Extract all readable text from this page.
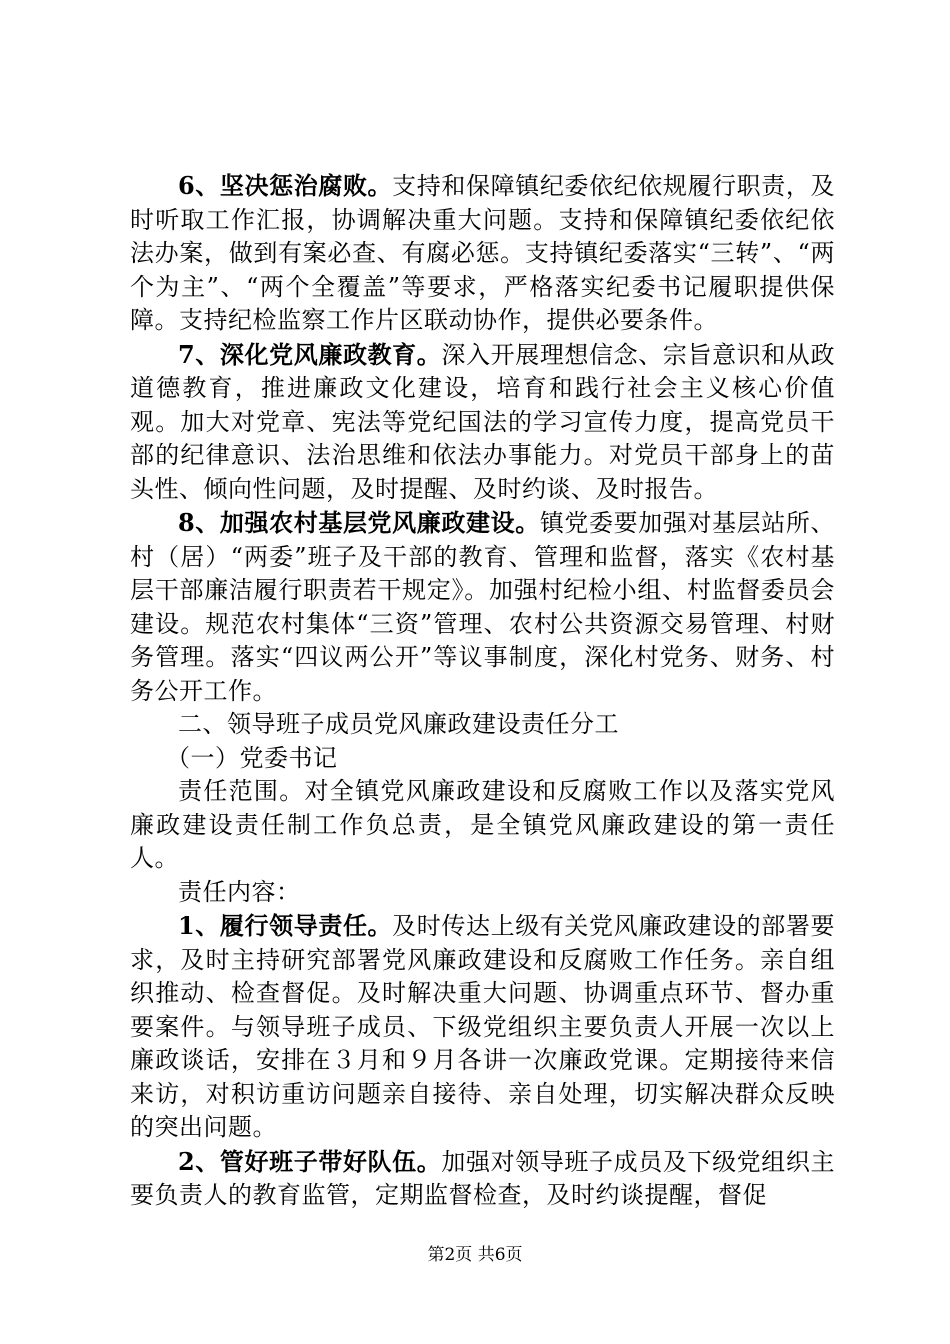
6、坚决惩治腐败。支持和保障镇纪委依纪依规履行职责，及时听取工作汇报，协调解决重大问题。支持和保障镇纪委依纪依法办案，做到有案必查、有腐必惩。支持镇纪委落实“三转”、“两个为主”、“两个全覆盖”等要求，严格落实纪委书记履职提供保障。支持纪检监察工作片区联动协作，提供必要条件。

7、深化党风廉政教育。深入开展理想信念、宗旨意识和从政道德教育，推进廉政文化建设，培育和践行社会主义核心价值观。加大对党章、宪法等党纪国法的学习宣传力度，提高党员干部的纪律意识、法治思维和依法办事能力。对党员干部身上的苗头性、倾向性问题，及时提醒、及时约谈、及时报告。

8、加强农村基层党风廉政建设。镇党委要加强对基层站所、村（居）“两委”班子及干部的教育、管理和监督，落实《农村基层干部廉洁履行职责若干规定》。加强村纪检小组、村监督委员会建设。规范农村集体“三资”管理、农村公共资源交易管理、村财务管理。落实“四议两公开”等议事制度，深化村党务、财务、村务公开工作。

二、领导班子成员党风廉政建设责任分工

（一）党委书记

责任范围。对全镇党风廉政建设和反腐败工作以及落实党风廉政建设责任制工作负总责，是全镇党风廉政建设的第一责任人。

责任内容：

1、履行领导责任。及时传达上级有关党风廉政建设的部署要求，及时主持研究部署党风廉政建设和反腐败工作任务。亲自组织推动、检查督促。及时解决重大问题、协调重点环节、督办重要案件。与领导班子成员、下级党组织主要负责人开展一次以上廉政谈话，安排在３月和９月各讲一次廉政党课。定期接待来信来访，对积访重访问题亲自接待、亲自处理，切实解决群众反映的突出问题。

2、管好班子带好队伍。加强对领导班子成员及下级党组织主要负责人的教育监管，定期监督检查，及时约谈提醒，督促

第2页 共6页
